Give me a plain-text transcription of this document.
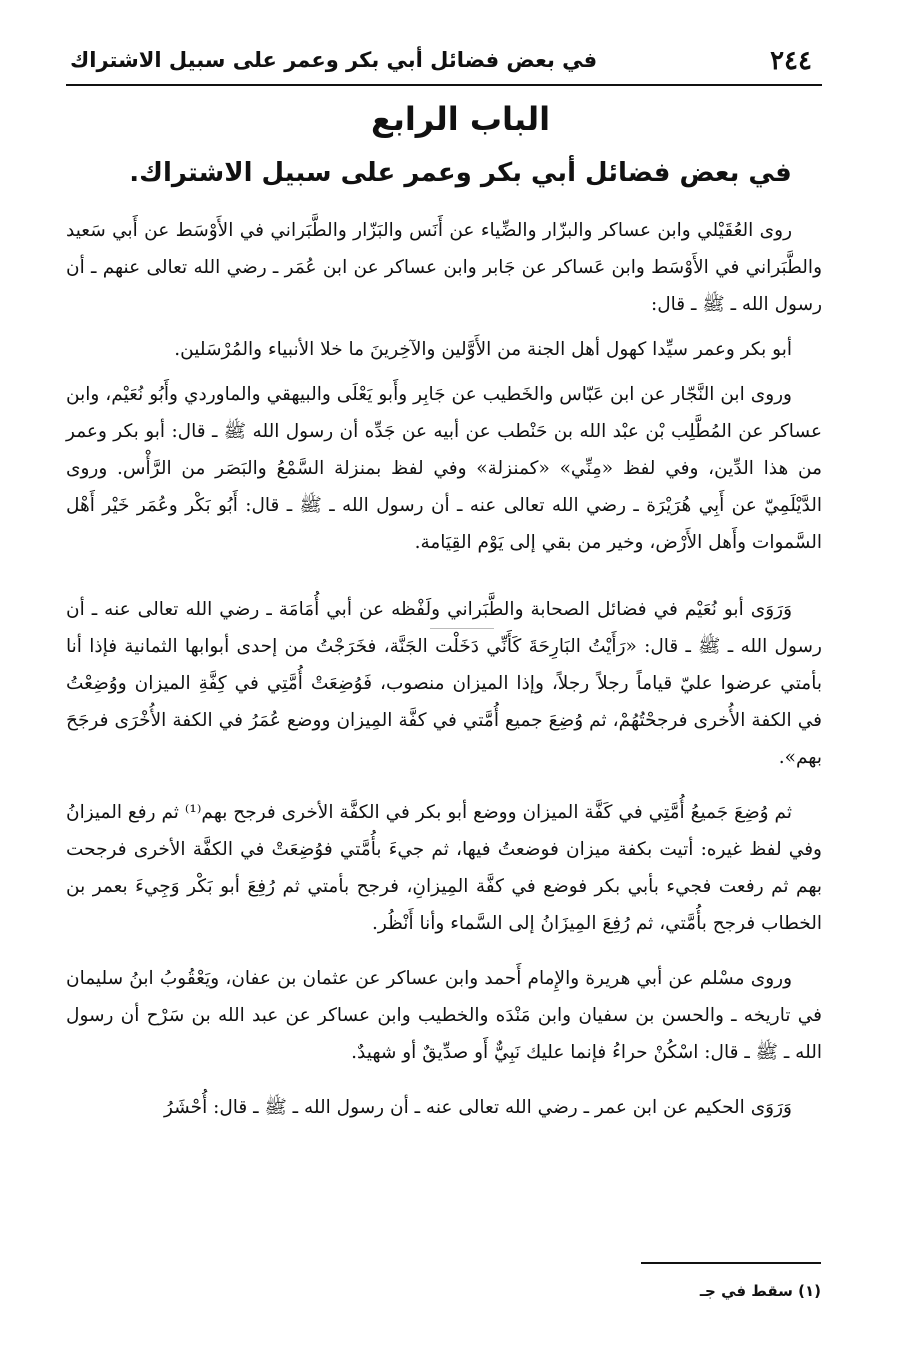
٢٤٤
في بعض فضائل أبي بكر وعمر على سبيل الاشتراك
الباب الرابع
في بعض فضائل أبي بكر وعمر على سبيل الاشتراك.

روى العُقَيْلي وابن عساكر والبزّار والضِّياء عن أَنَس والبَزّار والطَّبَراني في الأَوْسَط عن أَبي سَعيد والطَّبَراني في الأَوْسَط وابن عَساكر عن جَابر وابن عساكر عن ابن عُمَر ـ رضي الله تعالى عنهم ـ أن رسول الله ـ ﷺ ـ قال:

أبو بكر وعمر سيِّدا كهول أهل الجنة من الأَوَّلين والآخِرينَ ما خلا الأنبياء والمُرْسَلين.

وروى ابن النَّجّار عن ابن عَبّاس والخَطيب عن جَابِر وأَبو يَعْلَى والبيهقي والماوردي وأَبُو نُعَيْم، وابن عساكر عن المُطَّلِب بْن عبْد الله بن حَنْطب عن أبيه عن جَدِّه أن رسول الله ﷺ ـ قال: أبو بكر وعمر من هذا الدِّين، وفي لفظ «مِنِّي» «كمنزلة» وفي لفظ بمنزلة السَّمْعُ والبَصَر من الرَّأْس. وروى الدَّيْلَمِيّ عن أَبِي هُرَيْرَة ـ رضي الله تعالى عنه ـ أن رسول الله ـ ﷺ ـ قال: أَبُو بَكْر وعُمَر خَيْر أَهْل السَّموات وأَهل الأَرْض، وخير من بقي إلى يَوْم القِيَامة.

وَرَوَى أبو نُعَيْم في فضائل الصحابة والطَّبَراني ولَفْظه عن أبي أُمَامَة ـ رضي الله تعالى عنه ـ أن رسول الله ـ ﷺ ـ قال: «رَأَيْتُ البَارِحَةَ كَأَنِّي دَخَلْت الجَنَّة، فخَرَجْتُ من إحدى أبوابها الثمانية فإذا أنا بأمتي عرضوا عليّ قياماً رجلاً رجلاً، وإذا الميزان منصوب، فَوُضِعَتْ أُمَّتِي في كِفَّةِ الميزان ووُضِعْتُ في الكفة الأُخرى فرجحْتُهُمْ، ثم وُضِعَ جميع أُمَّتي في كفَّة المِيزان ووضع عُمَرُ في الكفة الأُخْرَى فرجَحَ بهم».

ثم وُضِعَ جَميعُ أُمَّتِي في كَفَّة الميزان ووضع أبو بكر في الكفَّة الأخرى فرجح بهم⁽¹⁾ ثم رفع الميزانُ وفي لفظ غيره: أتيت بكفة ميزان فوضعتُ فيها، ثم جيءَ بأُمَّتي فوُضِعَتْ في الكفَّة الأخرى فرجحت بهم ثم رفعت فجيء بأبي بكر فوضع في كفَّة المِيزانِ، فرجح بأمتي ثم رُفِعَ أبو بَكْر وَجِيءَ بعمر بن الخطاب فرجح بأُمَّتي، ثم رُفِعَ المِيزَانُ إلى السَّماء وأنا أَنْظُر.

وروى مسْلم عن أبي هريرة والإِمام أَحمد وابن عساكر عن عثمان بن عفان، ويَعْقُوبُ ابنُ سليمان في تاريخه ـ والحسن بن سفيان وابن مَنْدَه والخطيب وابن عساكر عن عبد الله بن سَرْح أن رسول الله ـ ﷺ ـ قال: اسْكُنْ حراءُ فإنما عليك نَبِيٌّ أَو صدِّيقٌ أو شهيدٌ.

وَرَوَى الحكيم عن ابن عمر ـ رضي الله تعالى عنه ـ أن رسول الله ـ ﷺ ـ قال: أُحْشَرُ

(١) سقط في جـ
